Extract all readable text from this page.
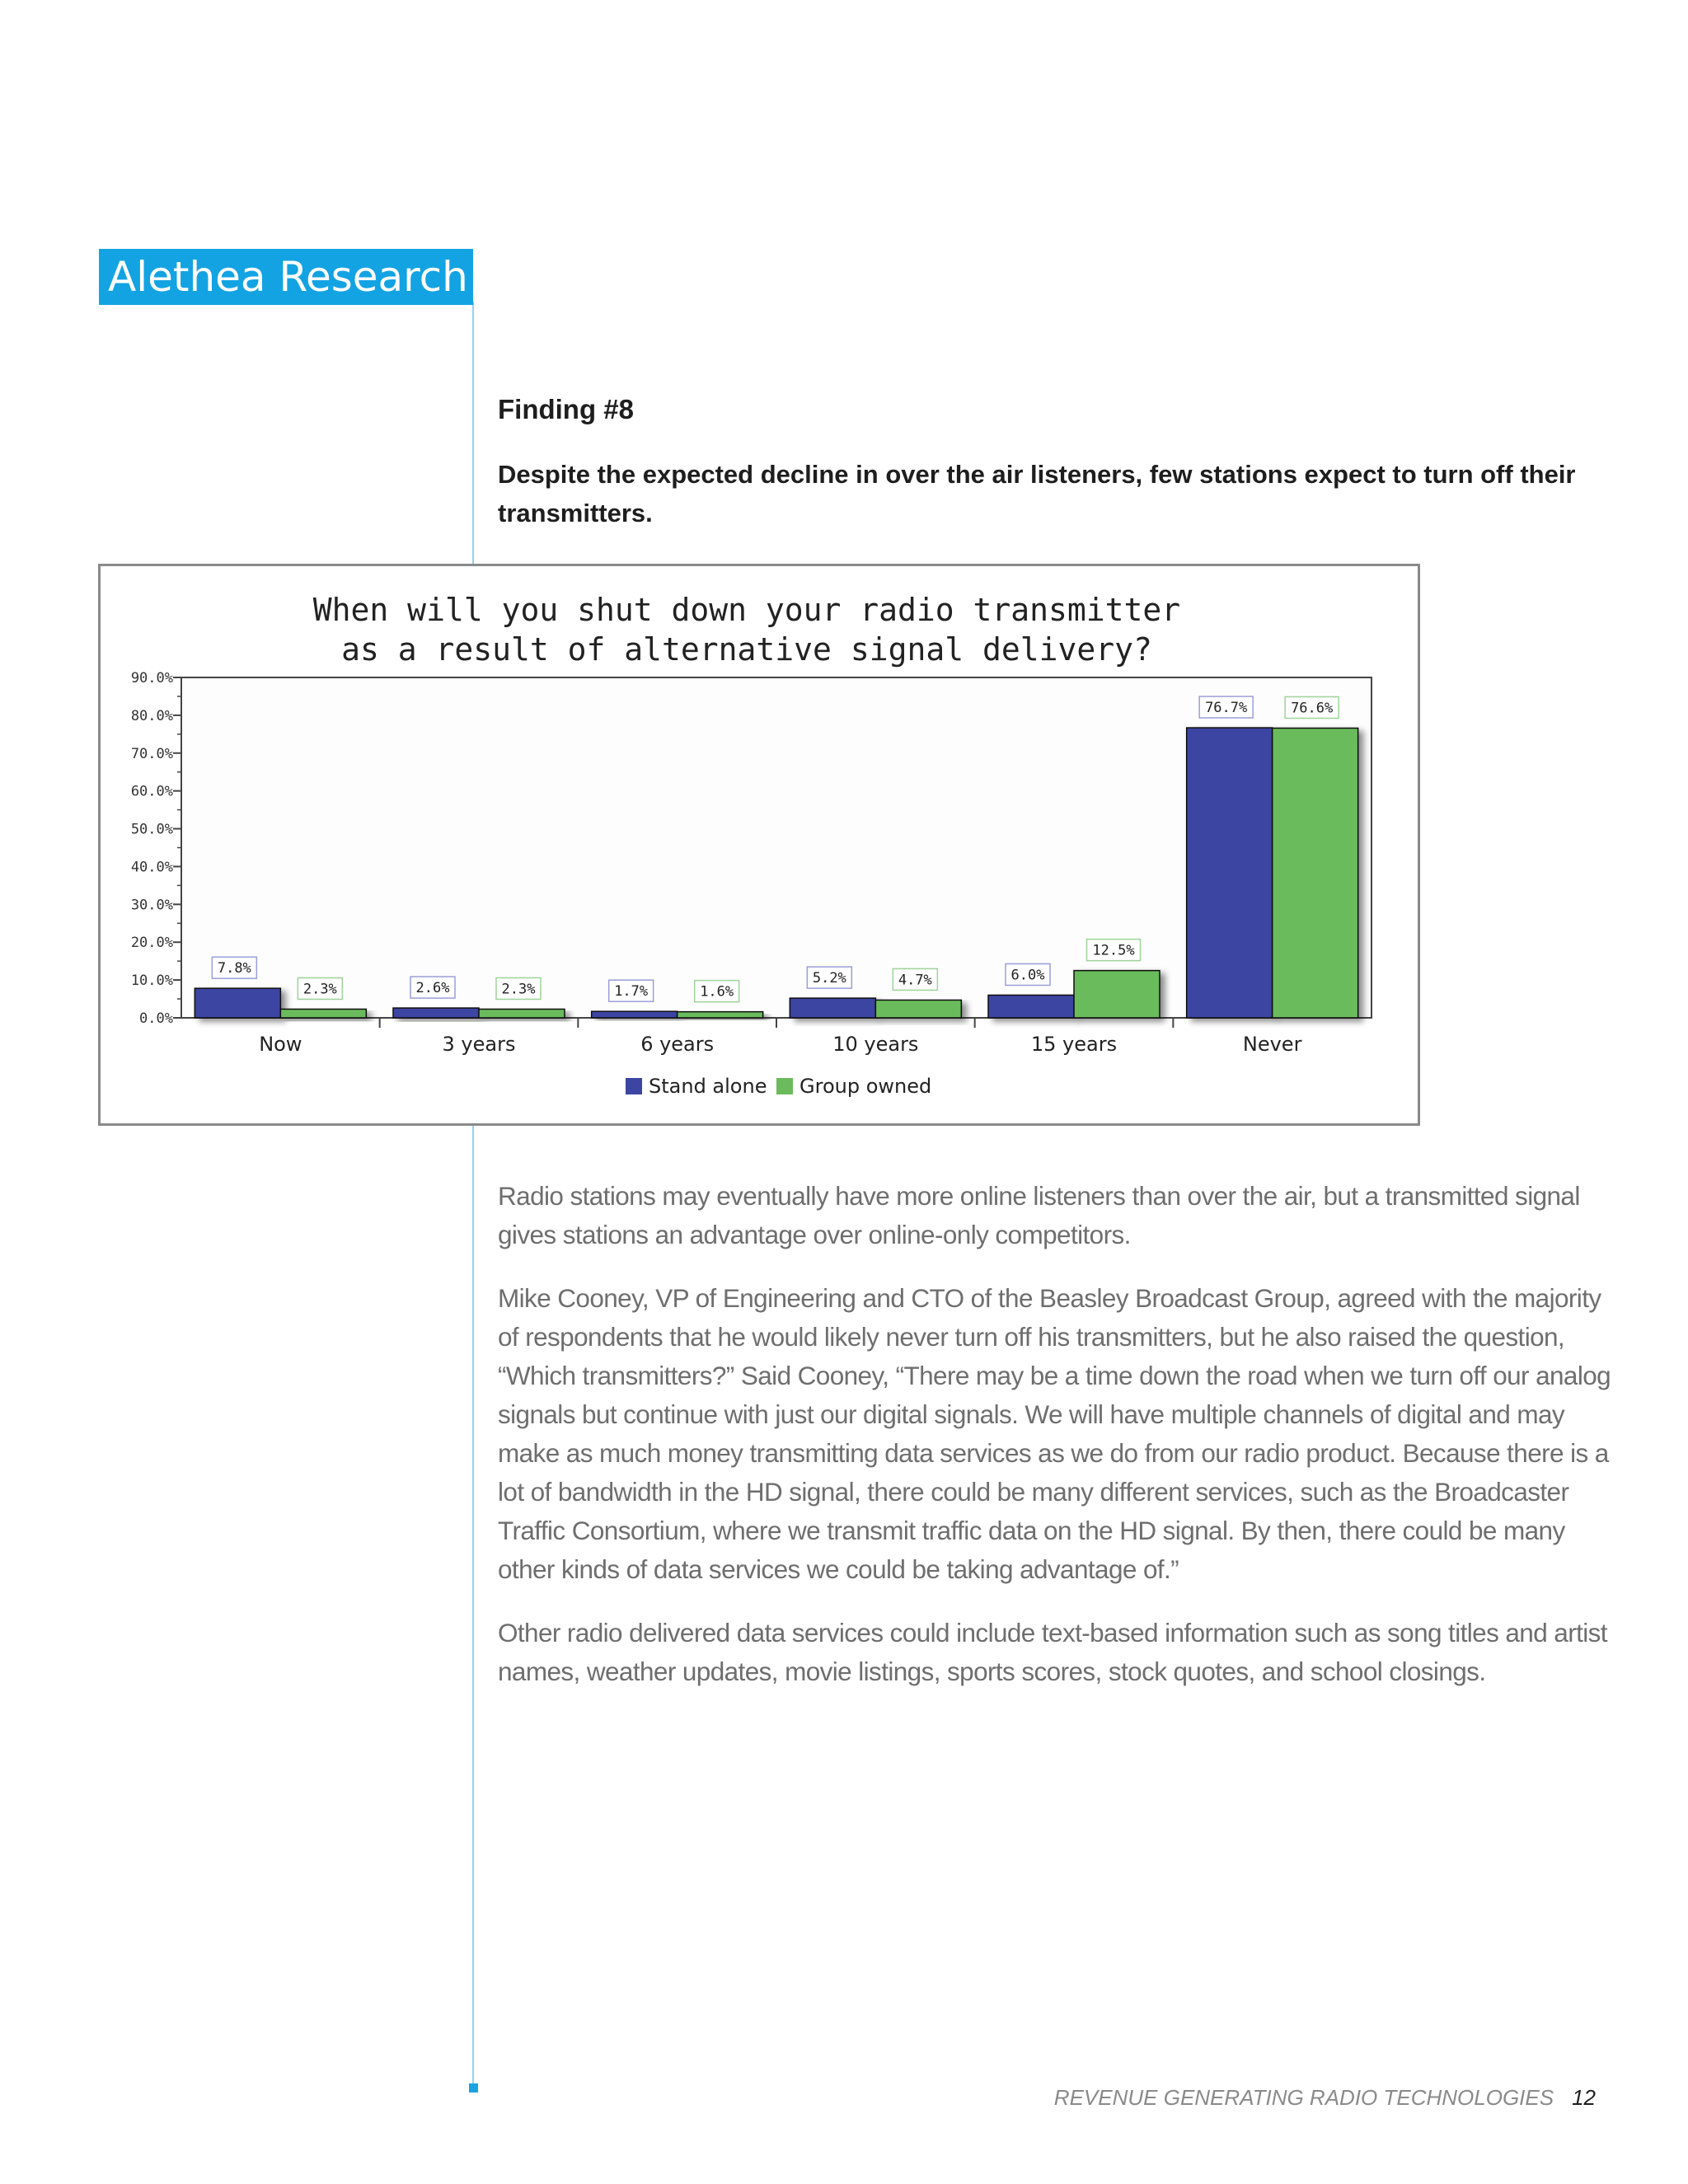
Alethea Research
Finding #8
Despite the expected decline in over the air listeners, few stations expect to turn off their transmitters.
When will you shut down your radio transmitter
as a result of alternative signal delivery?
0.0%
10.0%
20.0%
30.0%
40.0%
50.0%
60.0%
70.0%
80.0%
90.0%
Now
7.8%
2.3%
3 years
2.6%	2.3%
6 years
1.7%	1.6%
10 years
5.2%	4.7%
15 years
6.0%
12.5%
Never
76.7%	76.6%
Stand alone Group owned

Radio stations may eventually have more online listeners than over the air, but a transmitted signal gives stations an advantage over online-only competitors.

Mike Cooney, VP of Engineering and CTO of the Beasley Broadcast Group, agreed with the majority of respondents that he would likely never turn off his transmitters, but he also raised the question, “Which transmitters?” Said Cooney, “There may be a time down the road when we turn off our analog signals but continue with just our digital signals. We will have multiple channels of digital and may make as much money transmitting data services as we do from our radio product. Because there is a lot of bandwidth in the HD signal, there could be many different services, such as the Broadcaster Traffic Consortium, where we transmit traffic data on the HD signal. By then, there could be many other kinds of data services we could be taking advantage of.”

Other radio delivered data services could include text-based information such as song titles and artist names, weather updates, movie listings, sports scores, stock quotes, and school closings.

REVENUE GENERATING RADIO TECHNOLOGIES 12
